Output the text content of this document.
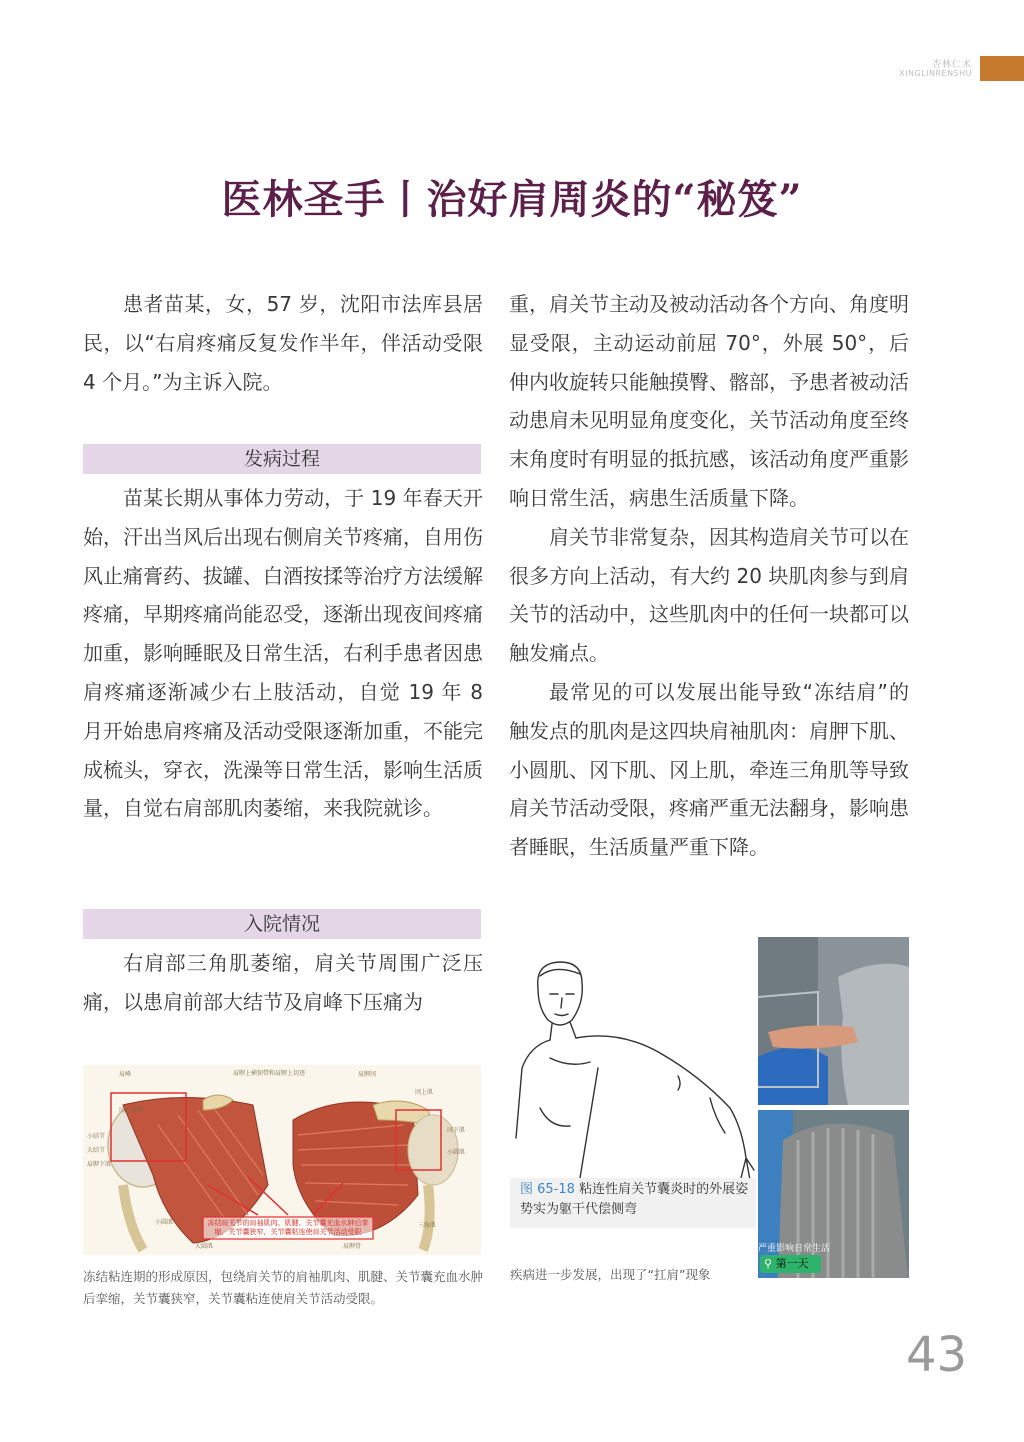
杏林仁术
XINGLINRENSHU
医林圣手丨治好肩周炎的“秘笈”

患者苗某，女，57 岁，沈阳市法库县居民，以“右肩疼痛反复发作半年，伴活动受限 4 个月。”为主诉入院。

发病过程

苗某长期从事体力劳动，于 19 年春天开始，汗出当风后出现右侧肩关节疼痛，自用伤风止痛膏药、拔罐、白酒按揉等治疗方法缓解疼痛，早期疼痛尚能忍受，逐渐出现夜间疼痛加重，影响睡眠及日常生活，右利手患者因患肩疼痛逐渐减少右上肢活动，自觉 19 年 8 月开始患肩疼痛及活动受限逐渐加重，不能完成梳头，穿衣，洗澡等日常生活，影响生活质量，自觉右肩部肌肉萎缩，来我院就诊。

入院情况

右肩部三角肌萎缩，肩关节周围广泛压痛，以患肩前部大结节及肩峰下压痛为

重，肩关节主动及被动活动各个方向、角度明显受限，主动运动前屈 70°，外展 50°，后伸内收旋转只能触摸臀、髂部，予患者被动活动患肩未见明显角度变化，关节活动角度至终末角度时有明显的抵抗感，该活动角度严重影响日常生活，病患生活质量下降。

肩关节非常复杂，因其构造肩关节可以在很多方向上活动，有大约 20 块肌肉参与到肩关节的活动中，这些肌肉中的任何一块都可以触发痛点。

最常见的可以发展出能导致“冻结肩”的触发点的肌肉是这四块肩袖肌肉：肩胛下肌、小圆肌、冈下肌、冈上肌，牵连三角肌等导致肩关节活动受限，疼痛严重无法翻身，影响患者睡眠，生活质量严重下降。

冻结肩关节的肩袖肌肉、肌腱、关节囊充血水肿后挛缩，关节囊狭窄，关节囊粘连使肩关节活动受限
肩胛上横韧带和肩胛上切迹
肩峰
冈上肌腱
小结节
大结节
肩胛下肌
小圆肌
大圆肌
肩胛冈
冈上肌
冈下肌
小圆肌
三角肌
肩胛骨
冻结粘连期的形成原因，包绕肩关节的肩袖肌肉、肌腱、关节囊充血水肿后挛缩，关节囊狭窄，关节囊粘连使肩关节活动受限。
图 65-18 粘连性肩关节囊炎时的外展姿势实为躯干代偿侧弯
疾病进一步发展，出现了“扛肩”现象
严重影响日常生活
⚲ 第一天
43
